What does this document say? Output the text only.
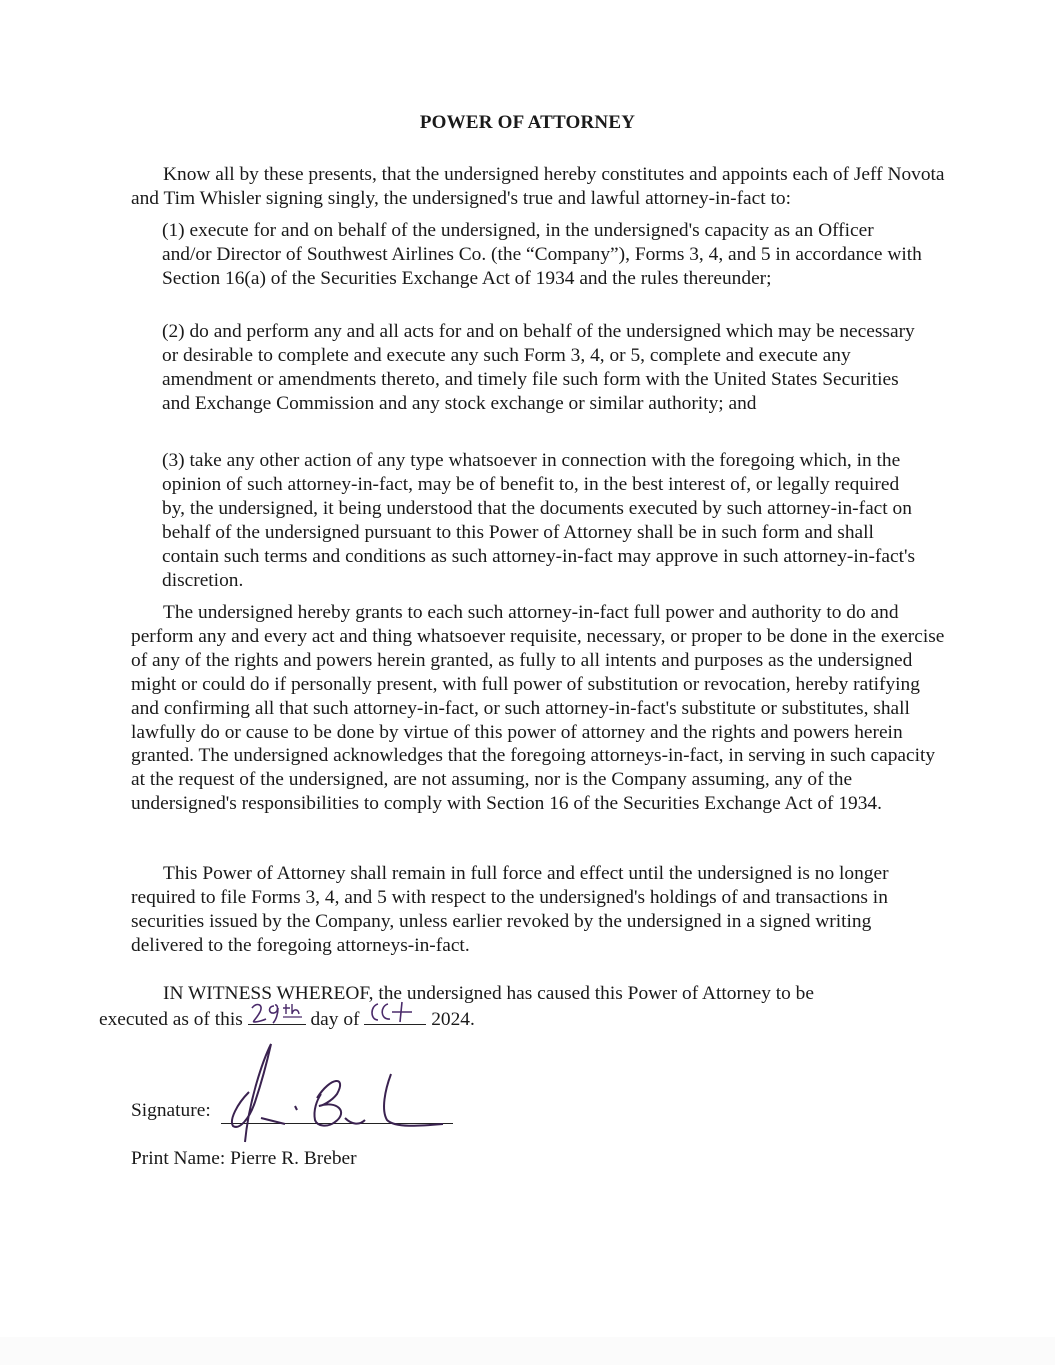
POWER OF ATTORNEY

Know all by these presents, that the undersigned hereby constitutes and appoints each of Jeff Novota and Tim Whisler signing singly, the undersigned's true and lawful attorney-in-fact to:

(1) execute for and on behalf of the undersigned, in the undersigned's capacity as an Officer and/or Director of Southwest Airlines Co. (the “Company”), Forms 3, 4, and 5 in accordance with Section 16(a) of the Securities Exchange Act of 1934 and the rules thereunder;

(2) do and perform any and all acts for and on behalf of the undersigned which may be necessary or desirable to complete and execute any such Form 3, 4, or 5, complete and execute any amendment or amendments thereto, and timely file such form with the United States Securities and Exchange Commission and any stock exchange or similar authority; and

(3) take any other action of any type whatsoever in connection with the foregoing which, in the opinion of such attorney-in-fact, may be of benefit to, in the best interest of, or legally required by, the undersigned, it being understood that the documents executed by such attorney-in-fact on behalf of the undersigned pursuant to this Power of Attorney shall be in such form and shall contain such terms and conditions as such attorney-in-fact may approve in such attorney-in-fact's discretion.

The undersigned hereby grants to each such attorney-in-fact full power and authority to do and perform any and every act and thing whatsoever requisite, necessary, or proper to be done in the exercise of any of the rights and powers herein granted, as fully to all intents and purposes as the undersigned might or could do if personally present, with full power of substitution or revocation, hereby ratifying and confirming all that such attorney-in-fact, or such attorney-in-fact's substitute or substitutes, shall lawfully do or cause to be done by virtue of this power of attorney and the rights and powers herein granted. The undersigned acknowledges that the foregoing attorneys-in-fact, in serving in such capacity at the request of the undersigned, are not assuming, nor is the Company assuming, any of the undersigned's responsibilities to comply with Section 16 of the Securities Exchange Act of 1934.

This Power of Attorney shall remain in full force and effect until the undersigned is no longer required to file Forms 3, 4, and 5 with respect to the undersigned's holdings of and transactions in securities issued by the Company, unless earlier revoked by the undersigned in a signed writing delivered to the foregoing attorneys-in-fact.

IN WITNESS WHEREOF, the undersigned has caused this Power of Attorney to be
executed as of this	day of	2024.

Signature:
Print Name: Pierre R. Breber
